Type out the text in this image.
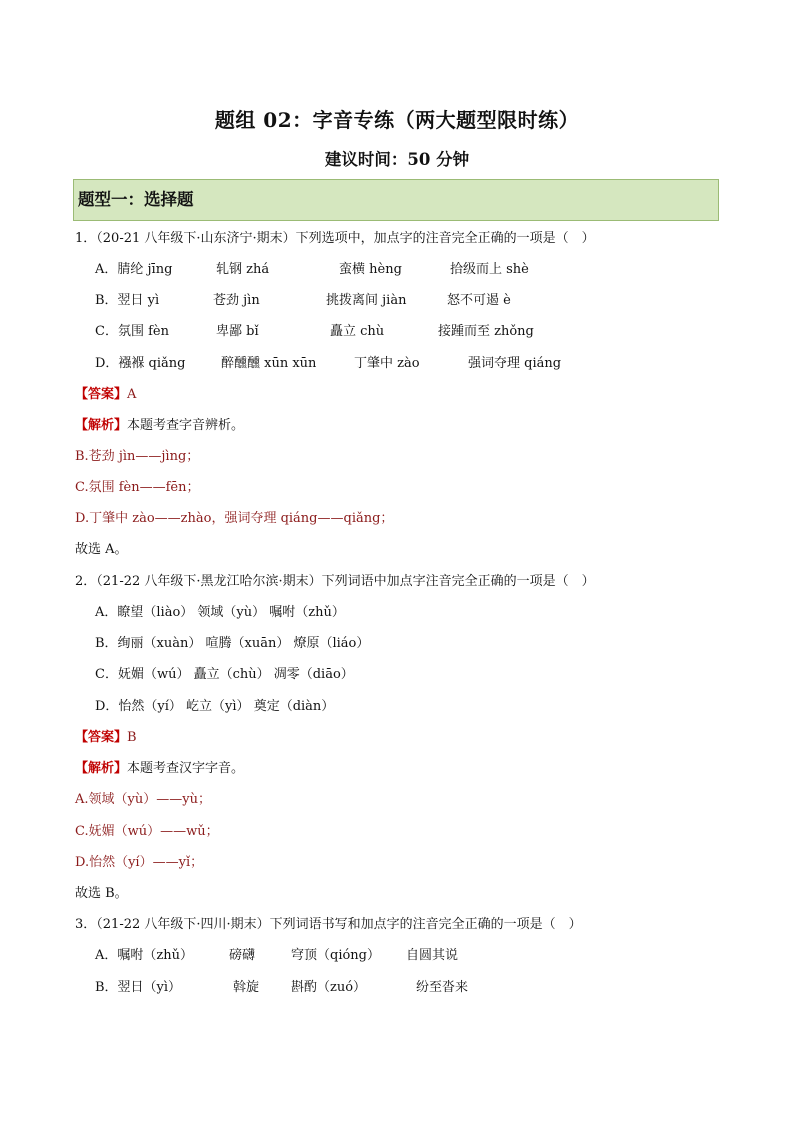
题组 02：字音专练（两大题型限时练）
建议时间：50 分钟
题型一：选择题
1．（20-21 八年级下·山东济宁·期末）下列选项中，加点字的注音完全正确的一项是（　）
A．腈纶 jīng	轧钢 zhá	蛮横 hèng	拾级而上 shè
B．翌日 yì	苍劲 jìn	挑拨离间 jiàn	怒不可遏 è
C．氛围 fèn	卑鄙 bǐ	矗立 chù	接踵而至 zhǒng
D．襁褓 qiǎng	醉醺醺 xūn xūn	丁肇中 zào	强词夺理 qiáng
【答案】A
【解析】本题考查字音辨析。
B.苍劲 jìn——jìng；
C.氛围 fèn——fēn；
D.丁肇中 zào——zhào，强词夺理 qiáng——qiǎng；
故选 A。
2．（21-22 八年级下·黑龙江哈尔滨·期末）下列词语中加点字注音完全正确的一项是（　）
A．瞭望（liào） 领域（yù） 嘱咐（zhǔ）
B．绚丽（xuàn） 喧腾（xuān） 燎原（liáo）
C．妩媚（wú） 矗立（chù） 凋零（diāo）
D．怡然（yí） 屹立（yì） 奠定（diàn）
【答案】B
【解析】本题考查汉字字音。
A.领域（yù）——yù；
C.妩媚（wú）——wǔ；
D.怡然（yí）——yǐ；
故选 B。
3．（21-22 八年级下·四川·期末）下列词语书写和加点字的注音完全正确的一项是（　）
A．嘱咐（zhǔ）	磅礴	穹顶（qióng） 自圆其说
B．翌日（yì）	斡旋 斟酌（zuó）	纷至沓来
